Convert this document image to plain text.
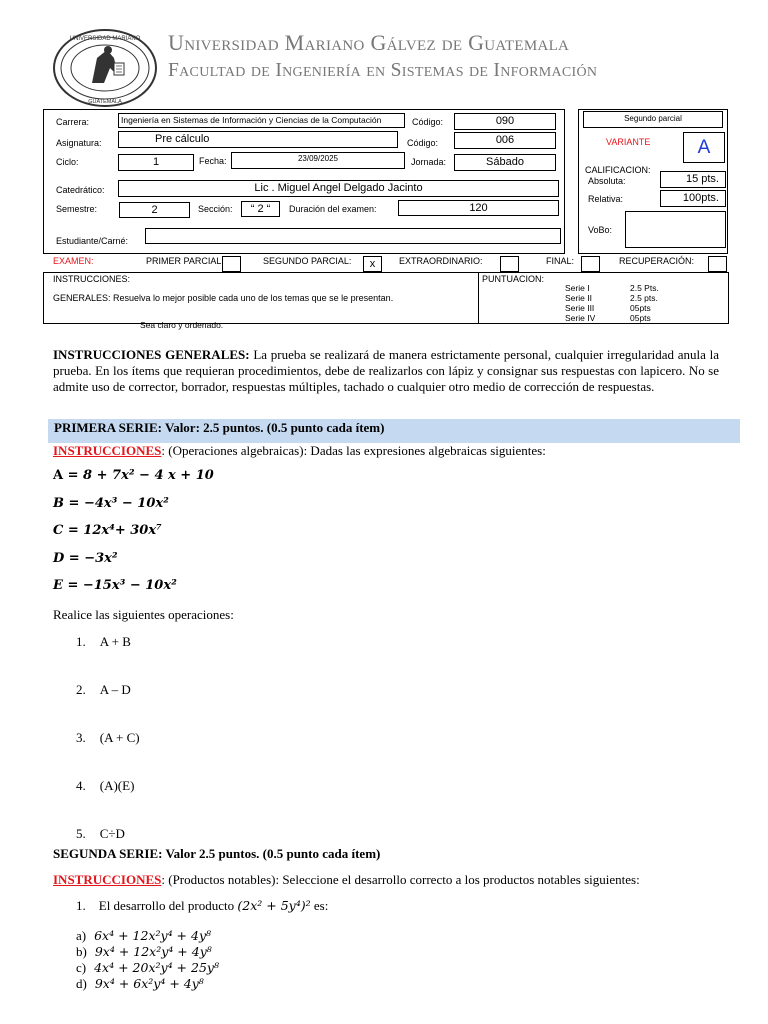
UNIVERSIDAD MARIANO
GUATEMALA
Universidad Mariano Gálvez de Guatemala
Facultad de Ingeniería en Sistemas de Información
Carrera:	Ingeniería en Sistemas de Información y Ciencias de la Computación	Código:	090
Asignatura:	Pre cálculo	Código:	006
Ciclo:	1	Fecha:	23/09/2025	Jornada:	Sábado
Catedrático:	Lic . Miguel Angel Delgado Jacinto
Semestre:	2	Sección:	“ 2 “	Duración del examen:	120
Estudiante/Carné:
Segundo parcial
VARIANTE	A
CALIFICACION:
Absoluta:	15 pts.
Relativa:	100pts.
VoBo:
EXAMEN:	PRIMER PARCIAL:	SEGUNDO PARCIAL:	x	EXTRAORDINARIO:	FINAL:	RECUPERACIÓN:
INSTRUCCIONES:
GENERALES: Resuelva lo mejor posible cada uno de los temas que se le presentan.
Sea claro y ordenado.
PUNTUACION:
Serie I	2.5 Pts.
Serie II	2.5 pts.
Serie III	05pts
Serie IV	05pts
INSTRUCCIONES GENERALES: La prueba se realizará de manera estrictamente personal, cualquier irregularidad anula la prueba. En los ítems que requieran procedimientos, debe de realizarlos con lápiz y consignar sus respuestas con lapicero. No se admite uso de corrector, borrador, respuestas múltiples, tachado o cualquier otro medio de corrección de respuestas.
PRIMERA SERIE: Valor: 2.5 puntos. (0.5 punto cada ítem)
INSTRUCCIONES: (Operaciones algebraicas): Dadas las expresiones algebraicas siguientes:
A = 8 + 7x² − 4 x + 10
B = −4x³ − 10x²
C = 12x⁴+ 30x⁷
D = −3x²
E = −15x³ − 10x²
Realice las siguientes operaciones:
1. A + B
2. A – D
3. (A + C)
4. (A)(E)
5. C÷D
SEGUNDA SERIE: Valor 2.5 puntos. (0.5 punto cada ítem)
INSTRUCCIONES: (Productos notables): Seleccione el desarrollo correcto a los productos notables siguientes:
1. El desarrollo del producto (2x² + 5y⁴)² es:
a) 6x⁴ + 12x²y⁴ + 4y⁸
b) 9x⁴ + 12x²y⁴ + 4y⁸
c) 4x⁴ + 20x²y⁴ + 25y⁸
d) 9x⁴ + 6x²y⁴ + 4y⁸
